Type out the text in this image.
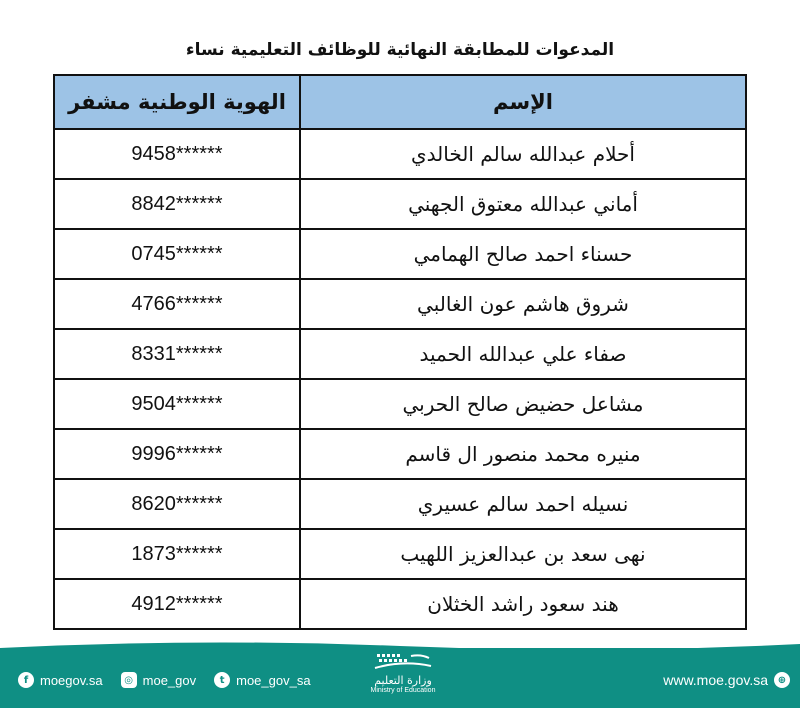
المدعوات للمطابقة النهائية للوظائف التعليمية نساء
الإسم	الهوية الوطنية مشفر
أحلام عبدالله سالم الخالدي	9458******
أماني عبدالله معتوق الجهني	8842******
حسناء احمد صالح الهمامي	0745******
شروق هاشم عون الغالبي	4766******
صفاء علي عبدالله الحميد	8331******
مشاعل حضيض صالح الحربي	9504******
منيره محمد منصور ال قاسم	9996******
نسيله احمد سالم عسيري	8620******
نهى سعد بن عبدالعزيز اللهيب	1873******
هند سعود راشد الخثلان	4912******
f moegov.sa	◎ moe_gov	t moe_gov_sa	وزارة التعليم
Ministry of Education
www.moe.gov.sa ⊕
